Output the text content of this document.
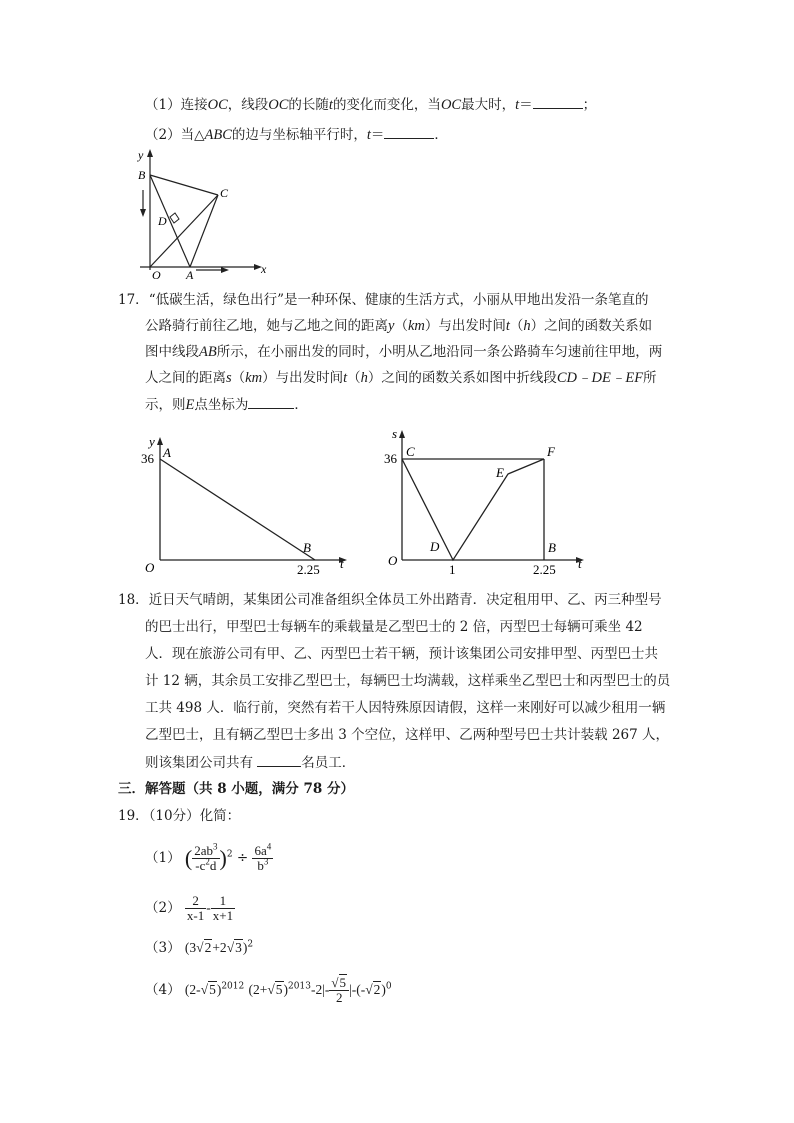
（1）连接OC，线段OC的长随t的变化而变化，当OC最大时，t＝	；
（2）当△ABC的边与坐标轴平行时，t＝	．
y
x
B
C
D
O A
17．“低碳生活，绿色出行”是一种环保、健康的生活方式，小丽从甲地出发沿一条笔直的
公路骑行前往乙地，她与乙地之间的距离y（km）与出发时间t（h）之间的函数关系如
图中线段AB所示，在小丽出发的同时，小明从乙地沿同一条公路骑车匀速前往甲地，两
人之间的距离s（km）与出发时间t（h）之间的函数关系如图中折线段CD﹣DE﹣EF所
示，则E点坐标为	．
y
A
36
O
B
2.25 t
s
C
36
O
D
1
E
F
B
2.25 t
18．近日天气晴朗，某集团公司准备组织全体员工外出踏青．决定租用甲、乙、丙三种型号
的巴士出行，甲型巴士每辆车的乘载量是乙型巴士的 2 倍，丙型巴士每辆可乘坐 42
人．现在旅游公司有甲、乙、丙型巴士若干辆，预计该集团公司安排甲型、丙型巴士共
计 12 辆，其余员工安排乙型巴士，每辆巴士均满载，这样乘坐乙型巴士和丙型巴士的员
工共 498 人．临行前，突然有若干人因特殊原因请假，这样一来刚好可以减少租用一辆
乙型巴士，且有辆乙型巴士多出 3 个空位，这样甲、乙两种型号巴士共计装载 267 人，
则该集团公司共有	名员工．
三．解答题（共 8 小题，满分 78 分）
19．（10分）化简：
（1） ( $\frac{2ab^3}{-c^2d} )^2 \div \frac{6a^4}{b^3}$
$(2) \frac{2}{x-1} - \frac{1}{x+1}$
（3） $(3√2+2√3)^2$
（4） $(2-√5)^{2012}$ $(2+√5)^{2013}-2|- \frac{√5}{2} |-(-√2)^0$
